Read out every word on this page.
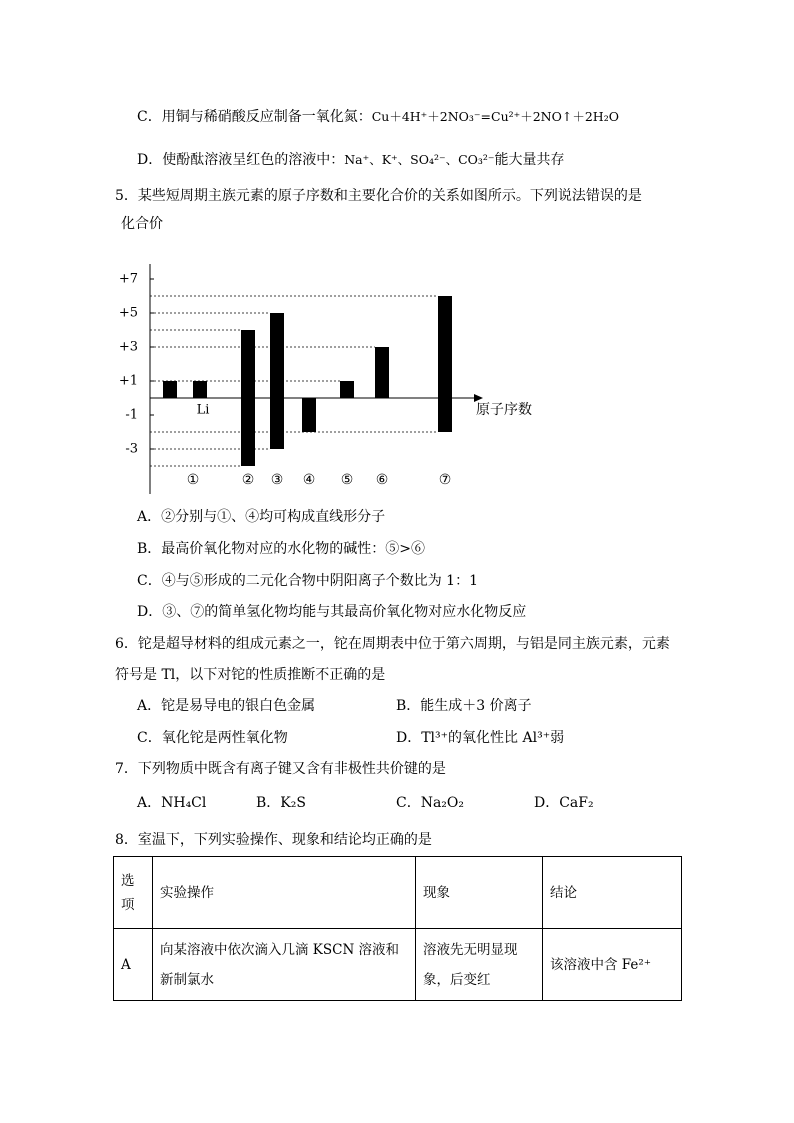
C．用铜与稀硝酸反应制备一氧化氮：Cu＋4H⁺＋2NO₃⁻=Cu²⁺＋2NO↑＋2H₂O
D．使酚酞溶液呈红色的溶液中：Na⁺、K⁺、SO₄²⁻、CO₃²⁻能大量共存
5．某些短周期主族元素的原子序数和主要化合价的关系如图所示。下列说法错误的是
化合价
原子序数
+7
+5
+3
+1
-1
-3
② ③ ④ ⑤ ⑥	⑦
①
Li
A．②分别与①、④均可构成直线形分子
B．最高价氧化物对应的水化物的碱性：⑤>⑥
C．④与⑤形成的二元化合物中阴阳离子个数比为 1：1
D．③、⑦的简单氢化物均能与其最高价氧化物对应水化物反应
6．铊是超导材料的组成元素之一，铊在周期表中位于第六周期，与铝是同主族元素，元素
符号是 Tl，以下对铊的性质推断不正确的是
A．铊是易导电的银白色金属	B．能生成＋3 价离子
C．氧化铊是两性氧化物	D．Tl³⁺的氧化性比 Al³⁺弱
7．下列物质中既含有离子键又含有非极性共价键的是
A．NH₄Cl	B．K₂S	C．Na₂O₂	D．CaF₂
8．室温下，下列实验操作、现象和结论均正确的是
选项	实验操作	现象	结论
A	向某溶液中依次滴入几滴 KSCN 溶液和新制氯水	溶液先无明显现象，后变红	该溶液中含 Fe²⁺
